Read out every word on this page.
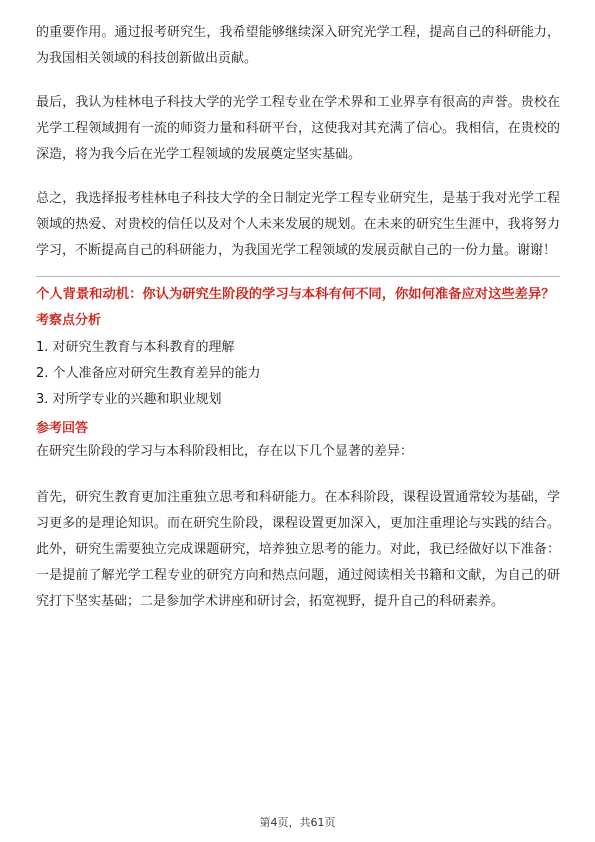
的重要作用。通过报考研究生，我希望能够继续深入研究光学工程，提高自己的科研能力，为我国相关领域的科技创新做出贡献。

最后，我认为桂林电子科技大学的光学工程专业在学术界和工业界享有很高的声誉。贵校在光学工程领域拥有一流的师资力量和科研平台，这使我对其充满了信心。我相信，在贵校的深造，将为我今后在光学工程领域的发展奠定坚实基础。

总之，我选择报考桂林电子科技大学的全日制定光学工程专业研究生，是基于我对光学工程领域的热爱、对贵校的信任以及对个人未来发展的规划。在未来的研究生生涯中，我将努力学习，不断提高自己的科研能力，为我国光学工程领域的发展贡献自己的一份力量。谢谢！

个人背景和动机：你认为研究生阶段的学习与本科有何不同，你如何准备应对这些差异？
考察点分析
1. 对研究生教育与本科教育的理解
2. 个人准备应对研究生教育差异的能力
3. 对所学专业的兴趣和职业规划
参考回答
在研究生阶段的学习与本科阶段相比，存在以下几个显著的差异：

首先，研究生教育更加注重独立思考和科研能力。在本科阶段，课程设置通常较为基础，学习更多的是理论知识。而在研究生阶段，课程设置更加深入，更加注重理论与实践的结合。此外，研究生需要独立完成课题研究，培养独立思考的能力。对此，我已经做好以下准备：一是提前了解光学工程专业的研究方向和热点问题，通过阅读相关书籍和文献，为自己的研究打下坚实基础；二是参加学术讲座和研讨会，拓宽视野，提升自己的科研素养。

第4页，共61页
